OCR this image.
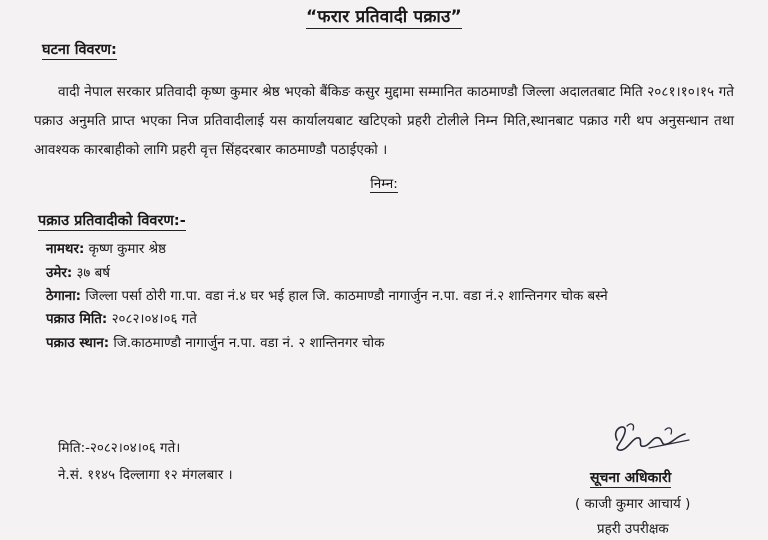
“फरार प्रतिवादी पक्राउ”
घटना विवरण:

वादी नेपाल सरकार प्रतिवादी कृष्ण कुमार श्रेष्ठ भएको बैंकिङ कसुर मुद्दामा सम्मानित काठमाण्डौ जिल्ला अदालतबाट मिति २०८१।१०।१५ गते पक्राउ अनुमति प्राप्त भएका निज प्रतिवादीलाई यस कार्यालयबाट खटिएको प्रहरी टोलीले निम्न मिति,स्थानबाट पक्राउ गरी थप अनुसन्धान तथा आवश्यक कारबाहीको लागि प्रहरी वृत्त सिंहदरबार काठमाण्डौ पठाईएको ।

निम्न:
पक्राउ प्रतिवादीको विवरण:-
नामथर: कृष्ण कुमार श्रेष्ठ
उमेर: ३७ बर्ष
ठेगाना: जिल्ला पर्सा ठोरी गा.पा. वडा नं.४ घर भई हाल जि. काठमाण्डौ नागार्जुन न.पा. वडा नं.२ शान्तिनगर चोक बस्ने
पक्राउ मिति: २०८२।०४।०६ गते
पक्राउ स्थान: जि.काठमाण्डौ नागार्जुन न.पा. वडा नं. २ शान्तिनगर चोक
मिति:-२०८२।०४।०६ गते।
ने.सं. ११४५ दिल्लागा १२ मंगलबार ।	सूचना अधिकारी
( काजी कुमार आचार्य )
प्रहरी उपरीक्षक
